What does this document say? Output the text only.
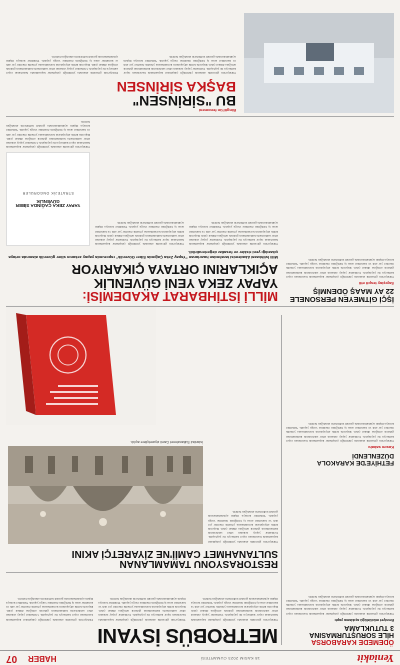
Yeniakit
18 KASIM 2023 CUMARTESİ
HABER
07
ÖDEMEDE KARABORSA
HİLE SORUŞTURMASINA
3 TUTUKLAMA
Emniyet müdürlüğü açıklama yaptı
Türkiye'nin güvenlik alanında yürüttüğü çalışmalar kapsamında hazırlanan rapor kamuoyu ile paylaşıldı. Uzmanlar yapay zekanın siber saldırılarda kullanımının giderek arttığına dikkat çekti. Raporda kritik altyapıların korunmasına yönelik öneriler yer aldı ve kurumlar arası iş birliğinin önemine vurgu yapıldı. Yetkililer konuya ilişkin açıklamalarında gerekli tedbirlerin alındığını belirtti.
METROBÜS İSYANI
Türkiye'nin güvenlik alanında yürüttüğü çalışmalar kapsamında hazırlanan rapor kamuoyu ile paylaşıldı. Uzmanlar yapay zekanın siber saldırılarda kullanımının giderek arttığına dikkat çekti. Raporda kritik altyapıların korunmasına yönelik öneriler yer aldı ve kurumlar arası iş birliğinin önemine vurgu yapıldı. Yetkililer konuya ilişkin açıklamalarında gerekli tedbirlerin alındığını belirtti.
Türkiye'nin güvenlik alanında yürüttüğü çalışmalar kapsamında hazırlanan rapor kamuoyu ile paylaşıldı. Uzmanlar yapay zekanın siber saldırılarda kullanımının giderek arttığına dikkat çekti. Raporda kritik altyapıların korunmasına yönelik öneriler yer aldı ve kurumlar arası iş birliğinin önemine vurgu yapıldı. Yetkililer konuya ilişkin açıklamalarında gerekli tedbirlerin alındığını belirtti.
Türkiye'nin güvenlik alanında yürüttüğü çalışmalar kapsamında hazırlanan rapor kamuoyu ile paylaşıldı. Uzmanlar yapay zekanın siber saldırılarda kullanımının giderek arttığına dikkat çekti. Raporda kritik altyapıların korunmasına yönelik öneriler yer aldı ve kurumlar arası iş birliğinin önemine vurgu yapıldı. Yetkililer konuya ilişkin açıklamalarında gerekli tedbirlerin alındığını belirtti.
RESTORASYONU TAMAMLANAN
SULTANAHMET CAMİİ'NE ZİYARETÇİ AKINI
Türkiye'nin güvenlik alanında yürüttüğü çalışmalar kapsamında hazırlanan rapor kamuoyu ile paylaşıldı. Uzmanlar yapay zekanın siber saldırılarda kullanımının giderek arttığına dikkat çekti. Raporda kritik altyapıların korunmasına yönelik öneriler yer aldı ve kurumlar arası iş birliğinin önemine vurgu yapıldı. Yetkililer konuya ilişkin açıklamalarında gerekli tedbirlerin alındığını belirtti.
İstanbul Sultanahmet Camii ziyaretçilere açıldı.
FETHİYE'DE KARAKOLA
DÜZENLENDİ
Kasım sabahı
Türkiye'nin güvenlik alanında yürüttüğü çalışmalar kapsamında hazırlanan rapor kamuoyu ile paylaşıldı. Uzmanlar yapay zekanın siber saldırılarda kullanımının giderek arttığına dikkat çekti. Raporda kritik altyapıların korunmasına yönelik öneriler yer aldı ve kurumlar arası iş birliğinin önemine vurgu yapıldı. Yetkililer konuya ilişkin açıklamalarında gerekli tedbirlerin alındığını belirtti.
MİLLİ İSTİHBARAT AKADEMİSİ:
YAPAY ZEKA YENİ GÜVENLİK
AÇIKLARINI ORTAYA ÇIKARIYOR
Milli İstihbarat Akademisi tarafından hazırlanan "Yapay Zeka Çağında Siber Güvenlik" raporunda yapay zekanın siber güvenlik alanında ortaya çıkardığı yeni riskler ve fırsatlar değerlendirildi.
Türkiye'nin güvenlik alanında yürüttüğü çalışmalar kapsamında hazırlanan rapor kamuoyu ile paylaşıldı. Uzmanlar yapay zekanın siber saldırılarda kullanımının giderek arttığına dikkat çekti. Raporda kritik altyapıların korunmasına yönelik öneriler yer aldı ve kurumlar arası iş birliğinin önemine vurgu yapıldı. Yetkililer konuya ilişkin açıklamalarında gerekli tedbirlerin alındığını belirtti.
Türkiye'nin güvenlik alanında yürüttüğü çalışmalar kapsamında hazırlanan rapor kamuoyu ile paylaşıldı. Uzmanlar yapay zekanın siber saldırılarda kullanımının giderek arttığına dikkat çekti. Raporda kritik altyapıların korunmasına yönelik öneriler yer aldı ve kurumlar arası iş birliğinin önemine vurgu yapıldı. Yetkililer konuya ilişkin açıklamalarında gerekli tedbirlerin alındığını belirtti.
YAPAY ZEKA ÇAĞINDA SİBER GÜVENLİK
STRATEJİK ÖNGÖRÜLER
Türkiye'nin güvenlik alanında yürüttüğü çalışmalar kapsamında hazırlanan rapor kamuoyu ile paylaşıldı. Uzmanlar yapay zekanın siber saldırılarda kullanımının giderek arttığına dikkat çekti. Raporda kritik altyapıların korunmasına yönelik öneriler yer aldı ve kurumlar arası iş birliğinin önemine vurgu yapıldı. Yetkililer konuya ilişkin açıklamalarında gerekli tedbirlerin alındığını belirtti.
İŞÇİ GİTMEYEN PERSONELE
22 AY MAAŞ ÖDENMİŞ
Sayıştay tespit etti
Türkiye'nin güvenlik alanında yürüttüğü çalışmalar kapsamında hazırlanan rapor kamuoyu ile paylaşıldı. Uzmanlar yapay zekanın siber saldırılarda kullanımının giderek arttığına dikkat çekti. Raporda kritik altyapıların korunmasına yönelik öneriler yer aldı ve kurumlar arası iş birliğinin önemine vurgu yapıldı. Yetkililer konuya ilişkin açıklamalarında gerekli tedbirlerin alındığını belirtti.
Bingöl'ün fenomeni
BU "SİRİNSEN"
BAŞKA SİRİNSEN
Türkiye'nin güvenlik alanında yürüttüğü çalışmalar kapsamında hazırlanan rapor kamuoyu ile paylaşıldı. Uzmanlar yapay zekanın siber saldırılarda kullanımının giderek arttığına dikkat çekti. Raporda kritik altyapıların korunmasına yönelik öneriler yer aldı ve kurumlar arası iş birliğinin önemine vurgu yapıldı. Yetkililer konuya ilişkin açıklamalarında gerekli tedbirlerin alındığını belirtti.
Türkiye'nin güvenlik alanında yürüttüğü çalışmalar kapsamında hazırlanan rapor kamuoyu ile paylaşıldı. Uzmanlar yapay zekanın siber saldırılarda kullanımının giderek arttığına dikkat çekti. Raporda kritik altyapıların korunmasına yönelik öneriler yer aldı ve kurumlar arası iş birliğinin önemine vurgu yapıldı. Yetkililer konuya ilişkin açıklamalarında gerekli tedbirlerin alındığını belirtti.
